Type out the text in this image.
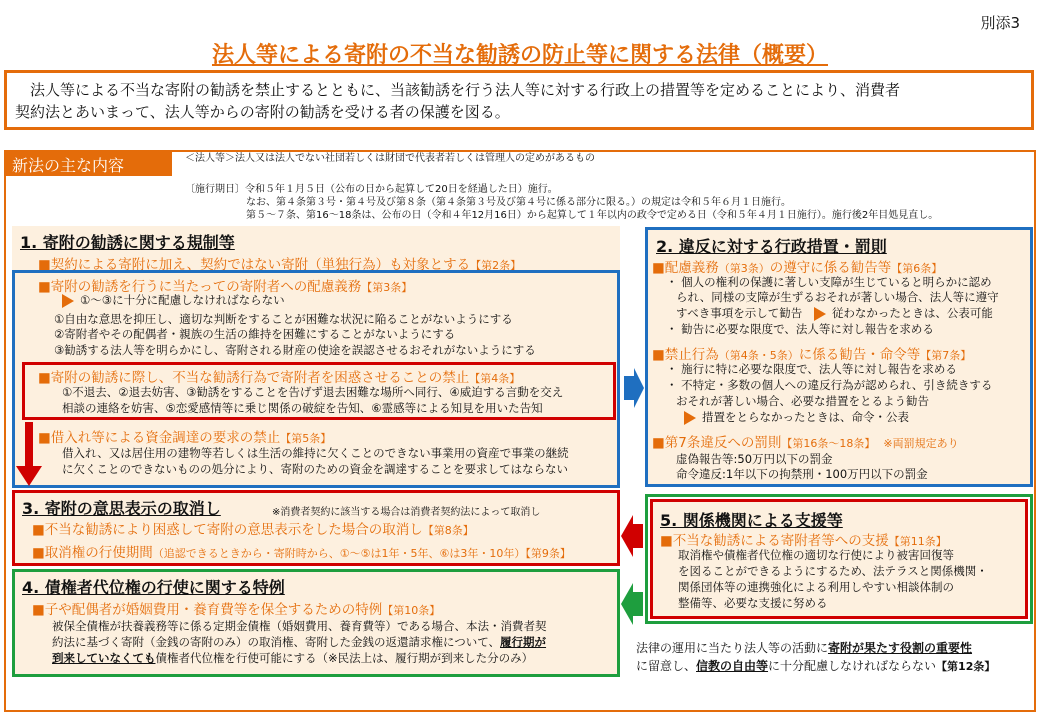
別添3
法人等による寄附の不当な勧誘の防止等に関する法律（概要）
　法人等による不当な寄附の勧誘を禁止するとともに、当該勧誘を行う法人等に対する行政上の措置等を定めることにより、消費者
契約法とあいまって、法人等からの寄附の勧誘を受ける者の保護を図る。
新法の主な内容	＜法人等＞法人又は法人でない社団若しくは財団で代表者若しくは管理人の定めがあるもの
〔施行期日〕令和５年１月５日（公布の日から起算して20日を経過した日）施行。
なお、第４条第３号・第４号及び第８条（第４条第３号及び第４号に係る部分に限る。）の規定は令和５年６月１日施行。
第５～７条、第16～18条は、公布の日（令和４年12月16日）から起算して１年以内の政令で定める日（令和５年４月１日施行）。施行後2年目処見直し。
1. 寄附の勧誘に関する規制等
■契約による寄附に加え、契約ではない寄附（単独行為）も対象とする【第2条】
■寄附の勧誘を行うに当たっての寄附者への配慮義務【第3条】
①～③に十分に配慮しなければならない
①自由な意思を抑圧し、適切な判断をすることが困難な状況に陥ることがないようにする
②寄附者やその配偶者・親族の生活の維持を困難にすることがないようにする
③勧誘する法人等を明らかにし、寄附される財産の使途を誤認させるおそれがないようにする
■寄附の勧誘に際し、不当な勧誘行為で寄附者を困惑させることの禁止【第4条】
①不退去、②退去妨害、③勧誘をすることを告げず退去困難な場所へ同行、④威迫する言動を交え
相談の連絡を妨害、⑤恋愛感情等に乗じ関係の破綻を告知、⑥霊感等による知見を用いた告知
■借入れ等による資金調達の要求の禁止【第5条】
借入れ、又は居住用の建物等若しくは生活の維持に欠くことのできない事業用の資産で事業の継続
に欠くことのできないものの処分により、寄附のための資金を調達することを要求してはならない
2. 違反に対する行政措置・罰則
■配慮義務（第3条）の遵守に係る勧告等【第6条】
・ 個人の権利の保護に著しい支障が生じていると明らかに認め
られ、同様の支障が生ずるおそれが著しい場合、法人等に遵守
すべき事項を示して勧告	従わなかったときは、公表可能
・ 勧告に必要な限度で、法人等に対し報告を求める
■禁止行為（第4条・5条）に係る勧告・命令等【第7条】
・ 施行に特に必要な限度で、法人等に対し報告を求める
・ 不特定・多数の個人への違反行為が認められ、引き続きする
おそれが著しい場合、必要な措置をとるよう勧告
措置をとらなかったときは、命令・公表
■第7条違反への罰則【第16条～18条】 ※両罰規定あり
虚偽報告等:50万円以下の罰金
命令違反:1年以下の拘禁刑・100万円以下の罰金
3. 寄附の意思表示の取消し	※消費者契約に該当する場合は消費者契約法によって取消し
■不当な勧誘により困惑して寄附の意思表示をした場合の取消し【第8条】
■取消権の行使期間（追認できるときから・寄附時から、①～⑤は1年・5年、⑥は3年・10年）【第9条】
4. 債権者代位権の行使に関する特例
■子や配偶者が婚姻費用・養育費等を保全するための特例【第10条】
被保全債権が扶養義務等に係る定期金債権（婚姻費用、養育費等）である場合、本法・消費者契
約法に基づく寄附（金銭の寄附のみ）の取消権、寄附した金銭の返還請求権について、履行期が
到来していなくても債権者代位権を行使可能にする（※民法上は、履行期が到来した分のみ）
5. 関係機関による支援等
■不当な勧誘による寄附者等への支援【第11条】
取消権や債権者代位権の適切な行使により被害回復等
を図ることができるようにするため、法テラスと関係機関・
関係団体等の連携強化による利用しやすい相談体制の
整備等、必要な支援に努める
法律の運用に当たり法人等の活動に寄附が果たす役割の重要性
に留意し、信教の自由等に十分配慮しなければならない【第12条】
